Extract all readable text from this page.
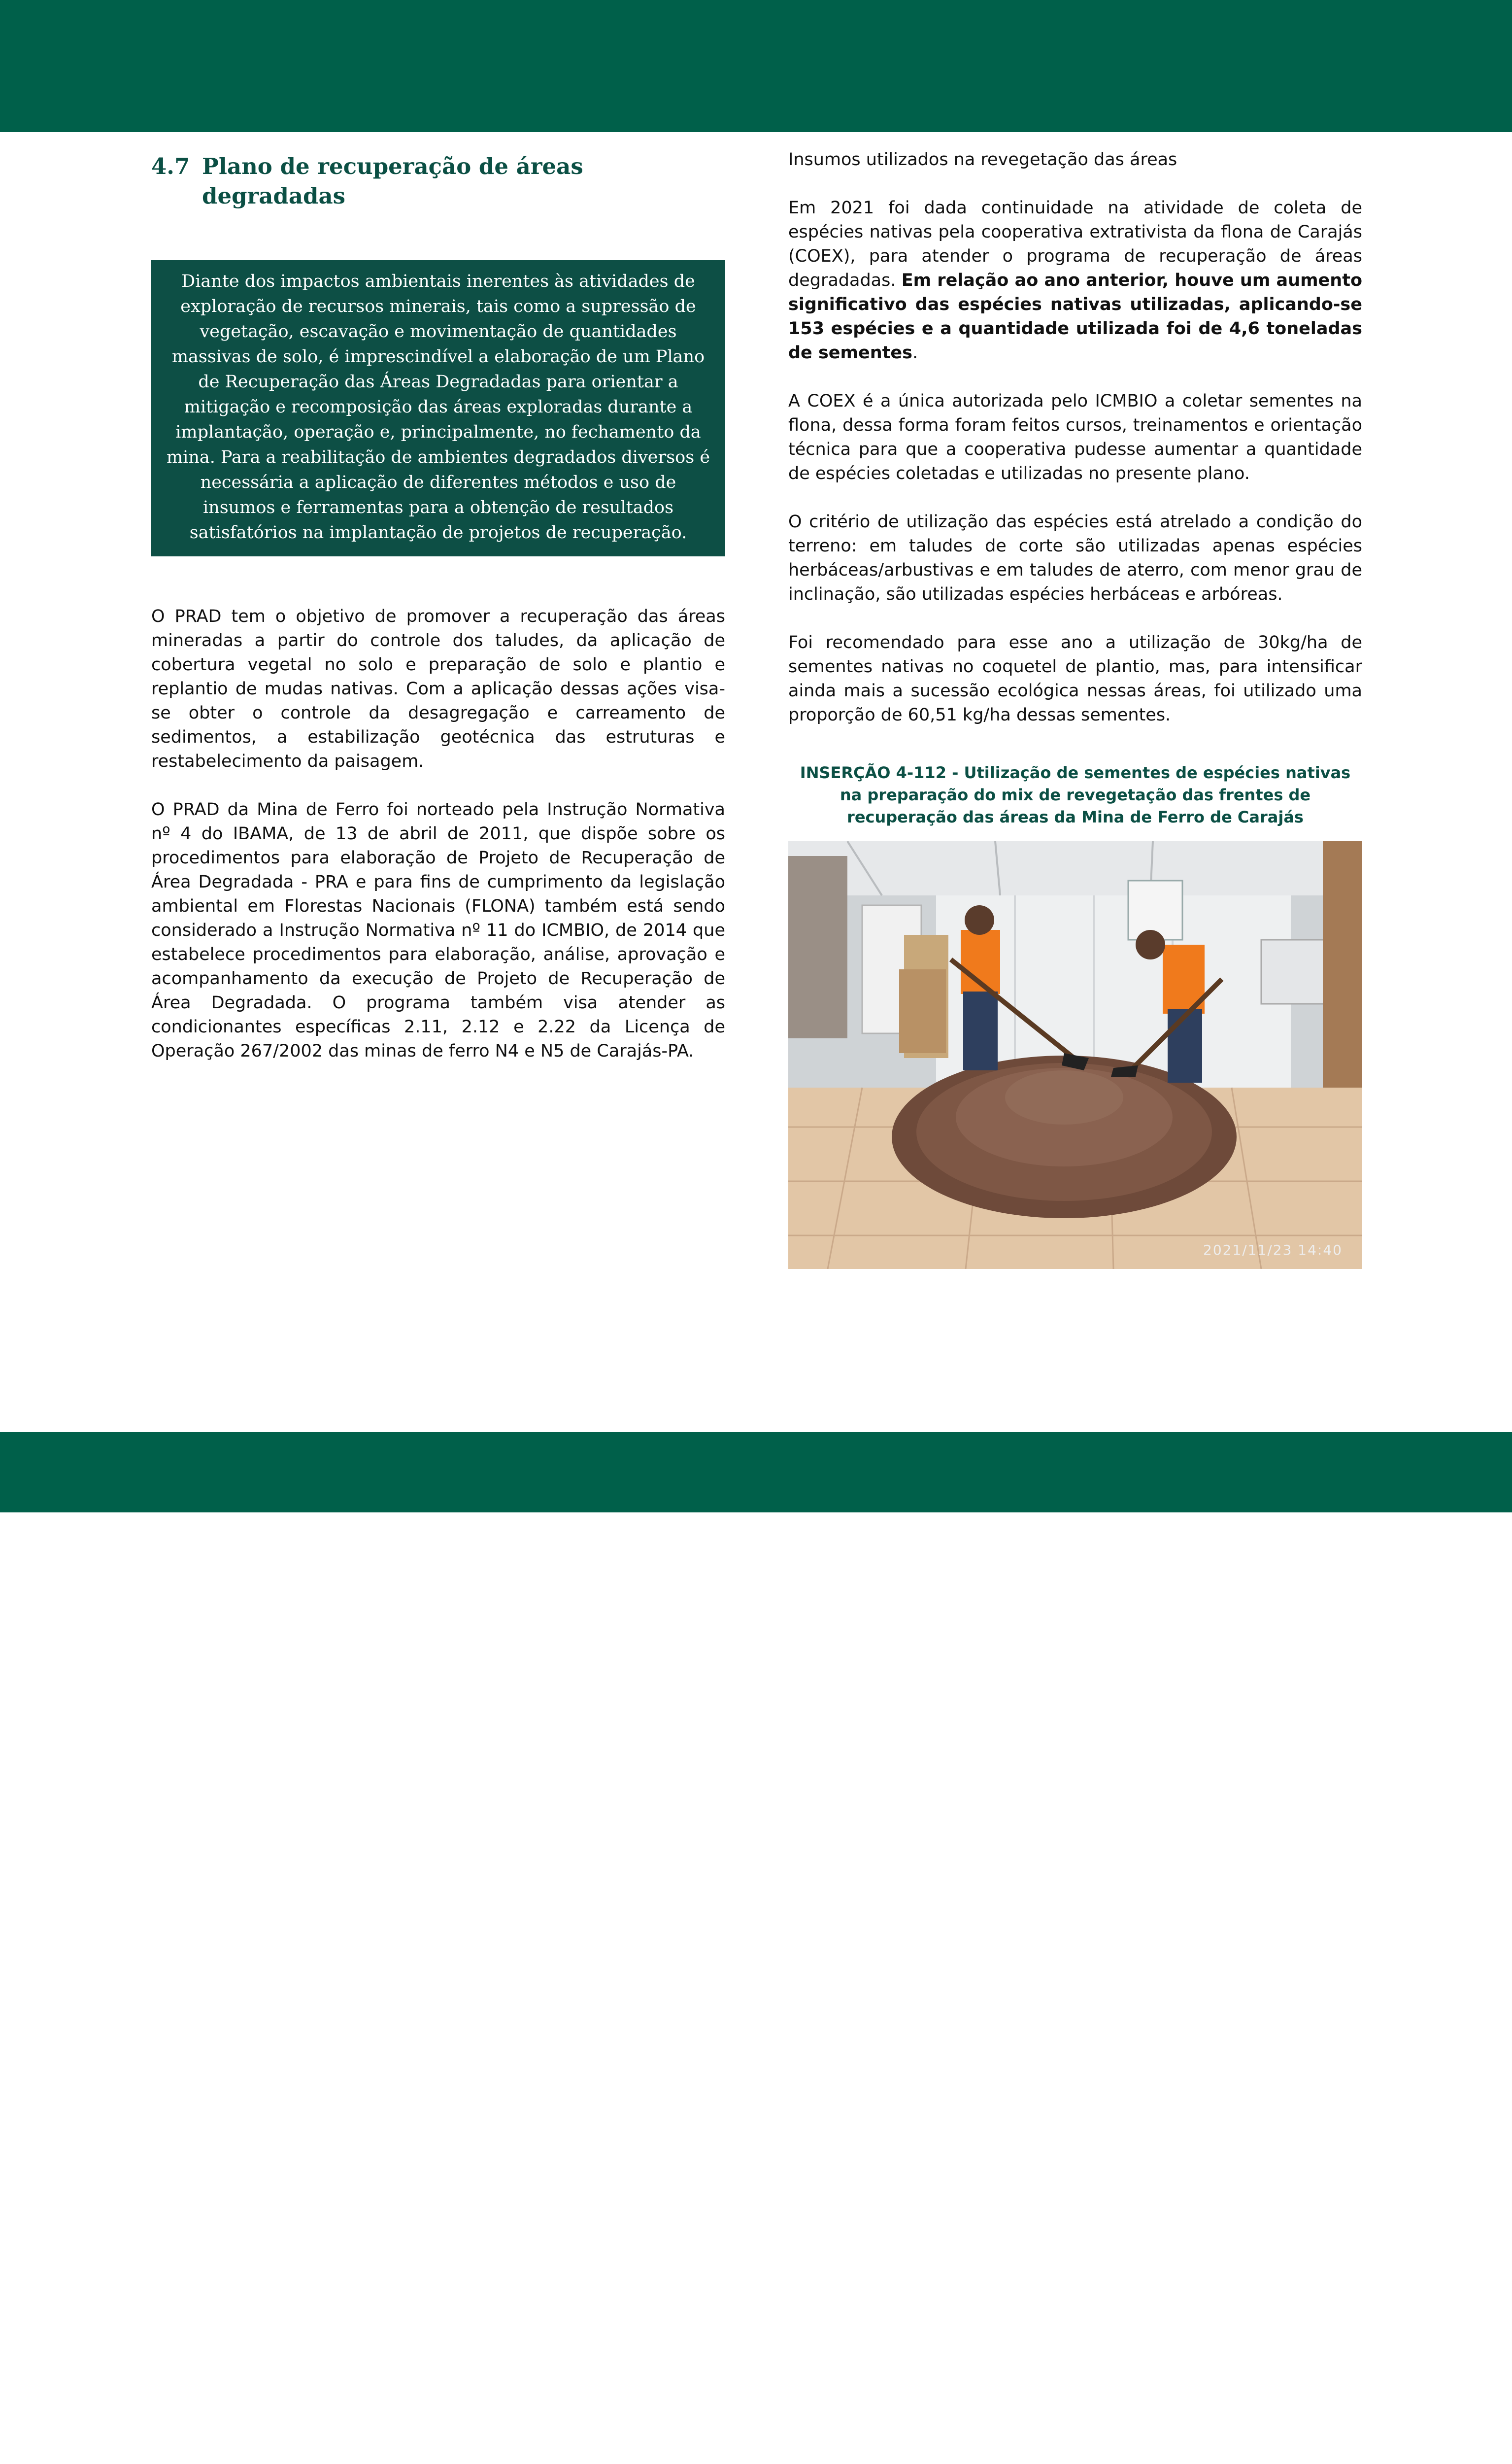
4.7 Plano de recuperação de áreas degradadas
Diante dos impactos ambientais inerentes às atividades de exploração de recursos minerais, tais como a supressão de vegetação, escavação e movimentação de quantidades massivas de solo, é imprescindível a elaboração de um Plano de Recuperação das Áreas Degradadas para orientar a mitigação e recomposição das áreas exploradas durante a implantação, operação e, principalmente, no fechamento da mina. Para a reabilitação de ambientes degradados diversos é necessária a aplicação de diferentes métodos e uso de insumos e ferramentas para a obtenção de resultados satisfatórios na implantação de projetos de recuperação.

O PRAD tem o objetivo de promover a recuperação das áreas mineradas a partir do controle dos taludes, da aplicação de cobertura vegetal no solo e preparação de solo e plantio e replantio de mudas nativas. Com a aplicação dessas ações visa-se obter o controle da desagregação e carreamento de sedimentos, a estabilização geotécnica das estruturas e restabelecimento da paisagem.

O PRAD da Mina de Ferro foi norteado pela Instrução Normativa nº 4 do IBAMA, de 13 de abril de 2011, que dispõe sobre os procedimentos para elaboração de Projeto de Recuperação de Área Degradada - PRA e para fins de cumprimento da legislação ambiental em Florestas Nacionais (FLONA) também está sendo considerado a Instrução Normativa nº 11 do ICMBIO, de 2014 que estabelece procedimentos para elaboração, análise, aprovação e acompanhamento da execução de Projeto de Recuperação de Área Degradada. O programa também visa atender as condicionantes específicas 2.11, 2.12 e 2.22 da Licença de Operação 267/2002 das minas de ferro N4 e N5 de Carajás-PA.

Insumos utilizados na revegetação das áreas

Em 2021 foi dada continuidade na atividade de coleta de espécies nativas pela cooperativa extrativista da flona de Carajás (COEX), para atender o programa de recuperação de áreas degradadas. Em relação ao ano anterior, houve um aumento significativo das espécies nativas utilizadas, aplicando-se 153 espécies e a quantidade utilizada foi de 4,6 toneladas de sementes.

A COEX é a única autorizada pelo ICMBIO a coletar sementes na flona, dessa forma foram feitos cursos, treinamentos e orientação técnica para que a cooperativa pudesse aumentar a quantidade de espécies coletadas e utilizadas no presente plano.

O critério de utilização das espécies está atrelado a condição do terreno: em taludes de corte são utilizadas apenas espécies herbáceas/arbustivas e em taludes de aterro, com menor grau de inclinação, são utilizadas espécies herbáceas e arbóreas.

Foi recomendado para esse ano a utilização de 30kg/ha de sementes nativas no coquetel de plantio, mas, para intensificar ainda mais a sucessão ecológica nessas áreas, foi utilizado uma proporção de 60,51 kg/ha dessas sementes.

INSERÇÃO 4-112 - Utilização de sementes de espécies nativas na preparação do mix de revegetação das frentes de recuperação das áreas da Mina de Ferro de Carajás
2021/11/23 14:40
